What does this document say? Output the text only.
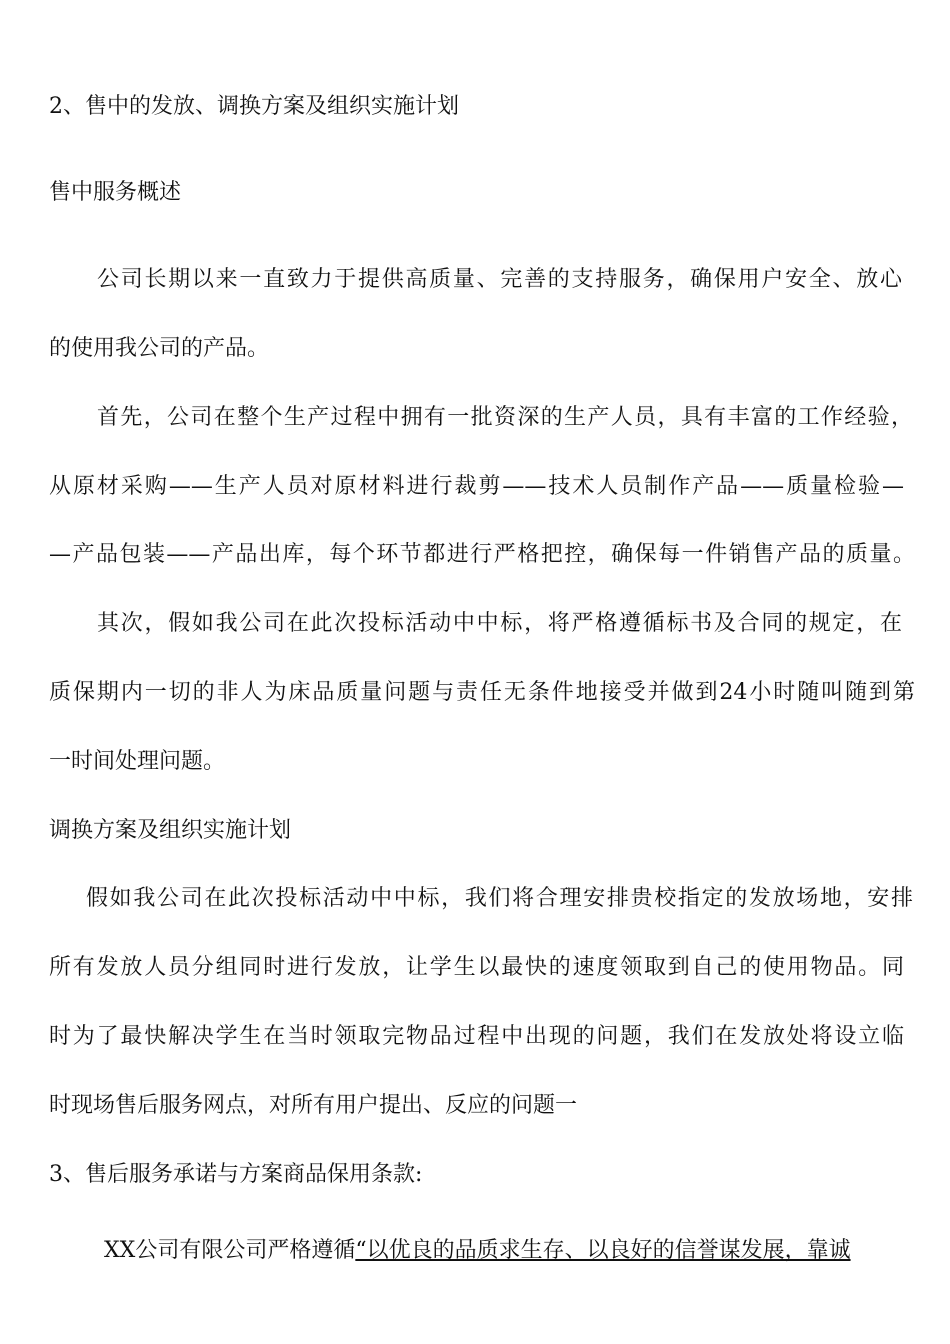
2、售中的发放、调换方案及组织实施计划
售中服务概述
公司长期以来一直致力于提供高质量、完善的支持服务，确保用户安全、放心
的使用我公司的产品。
首先，公司在整个生产过程中拥有一批资深的生产人员，具有丰富的工作经验，
从原材采购——生产人员对原材料进行裁剪——技术人员制作产品——质量检验—
—产品包装——产品出库，每个环节都进行严格把控，确保每一件销售产品的质量。
其次，假如我公司在此次投标活动中中标，将严格遵循标书及合同的规定，在
质保期内一切的非人为床品质量问题与责任无条件地接受并做到24小时随叫随到第
一时间处理问题。
调换方案及组织实施计划
假如我公司在此次投标活动中中标，我们将合理安排贵校指定的发放场地，安排
所有发放人员分组同时进行发放，让学生以最快的速度领取到自己的使用物品。同
时为了最快解决学生在当时领取完物品过程中出现的问题，我们在发放处将设立临
时现场售后服务网点，对所有用户提出、反应的问题一
3、售后服务承诺与方案商品保用条款:
XX公司有限公司严格遵循“以优良的品质求生存、以良好的信誉谋发展，靠诚
